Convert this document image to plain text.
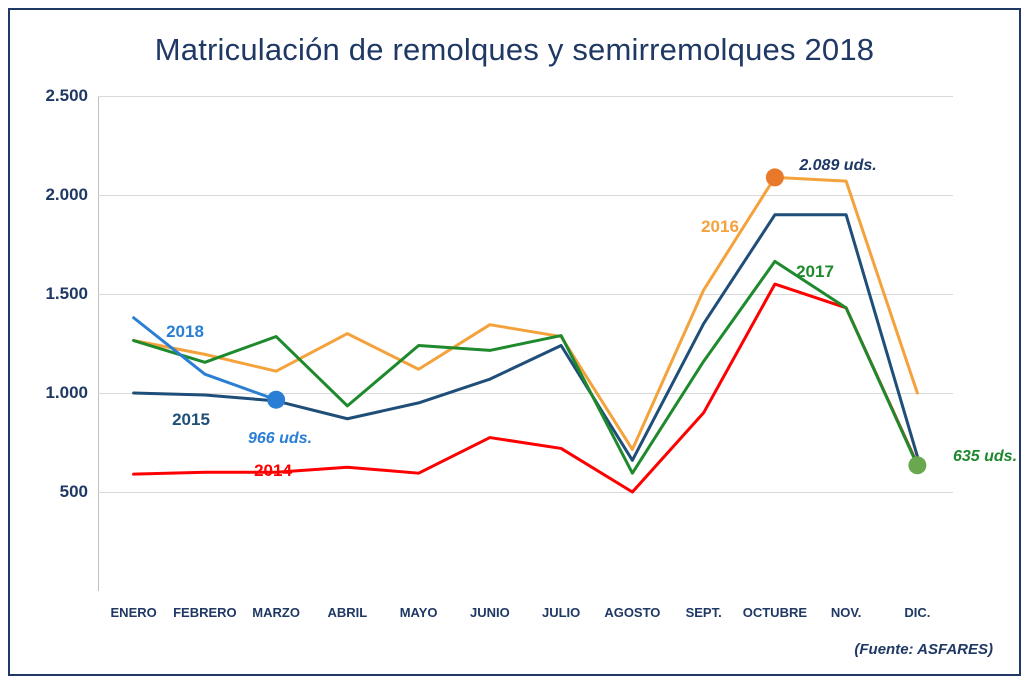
Matriculación de remolques y semirremolques 2018
500
1.000
1.500
2.000
2.500
ENERO FEBRERO MARZO ABRIL MAYO JUNIO JULIO AGOSTO SEPT. OCTUBRE NOV.	DIC.
2018
2015
2014
2016
2017
2.089 uds.
966 uds.
635 uds.
(Fuente: ASFARES)
